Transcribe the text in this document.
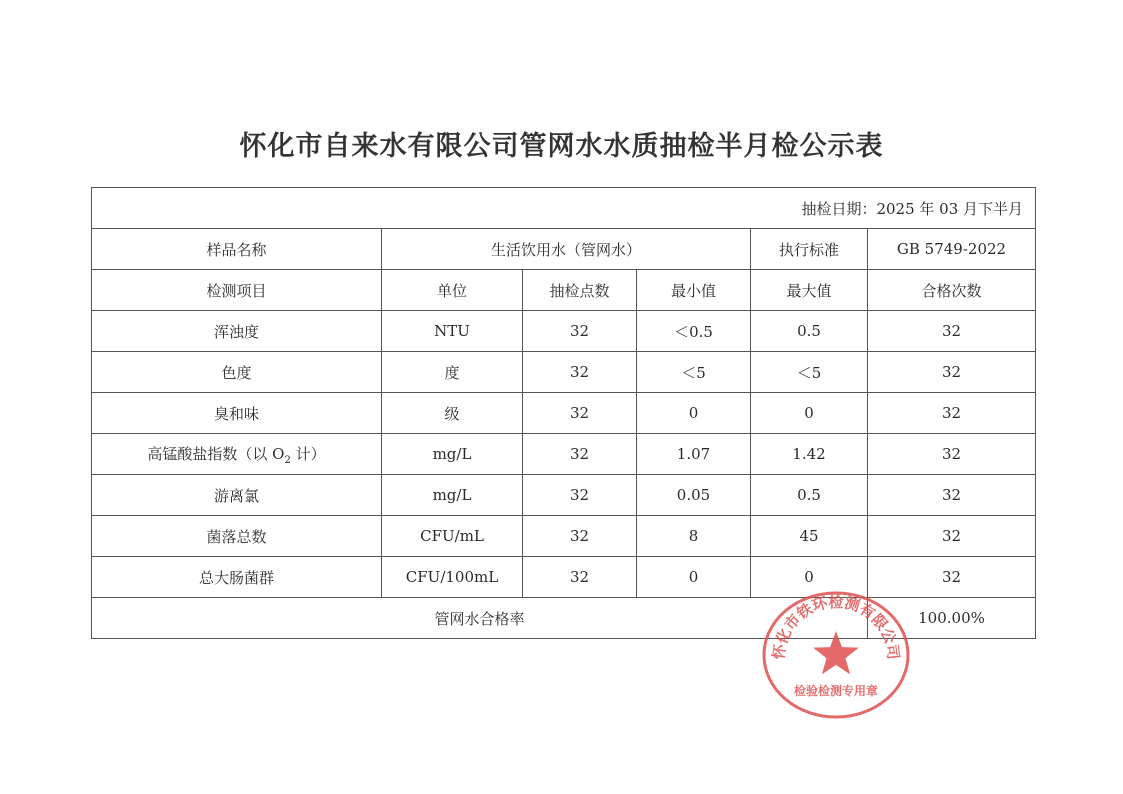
怀化市自来水有限公司管网水水质抽检半月检公示表
抽检日期：2025 年 03 月下半月					
样品名称	生活饮用水（管网水）			执行标准	GB 5749-2022
检测项目	单位	抽检点数	最小值	最大值	合格次数
浑浊度	NTU	32	＜0.5	0.5	32
色度	度	32	＜5	＜5	32
臭和味	级	32	0	0	32
高锰酸盐指数（以 $O_2$ 计）	mg/L	32	1.07	1.42	32
游离氯	mg/L	32	0.05	0.5	32
菌落总数	CFU/mL	32	8	45	32
总大肠菌群	CFU/100mL	32	0	0	32
管网水合格率					100.00%
怀化市铁环检测有限公司
检验检测专用章
